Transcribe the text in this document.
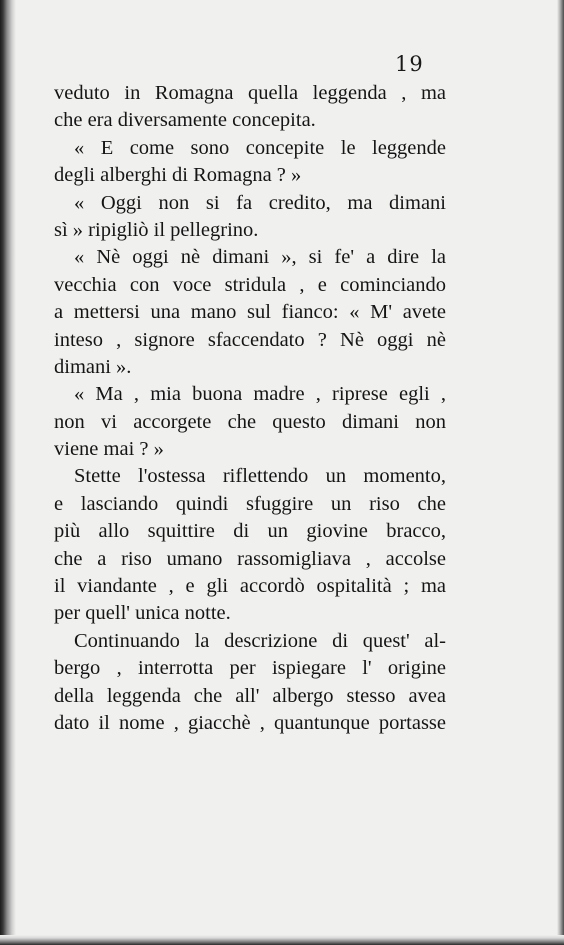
19
veduto in Romagna quella leggenda , ma
che era diversamente concepita.
« E come sono concepite le leggende
degli alberghi di Romagna ? »
« Oggi non si fa credito, ma dimani
sì » ripigliò il pellegrino.
« Nè oggi nè dimani », si fe' a dire la
vecchia con voce stridula , e cominciando
a mettersi una mano sul fianco: « M' avete
inteso , signore sfaccendato ? Nè oggi nè
dimani ».
« Ma , mia buona madre , riprese egli ,
non vi accorgete che questo dimani non
viene mai ? »
Stette l'ostessa riflettendo un momento,
e lasciando quindi sfuggire un riso che
più allo squittire di un giovine bracco,
che a riso umano rassomigliava , accolse
il viandante , e gli accordò ospitalità ; ma
per quell' unica notte.
Continuando la descrizione di quest' al-
bergo , interrotta per ispiegare l' origine
della leggenda che all' albergo stesso avea
dato il nome , giacchè , quantunque portasse
